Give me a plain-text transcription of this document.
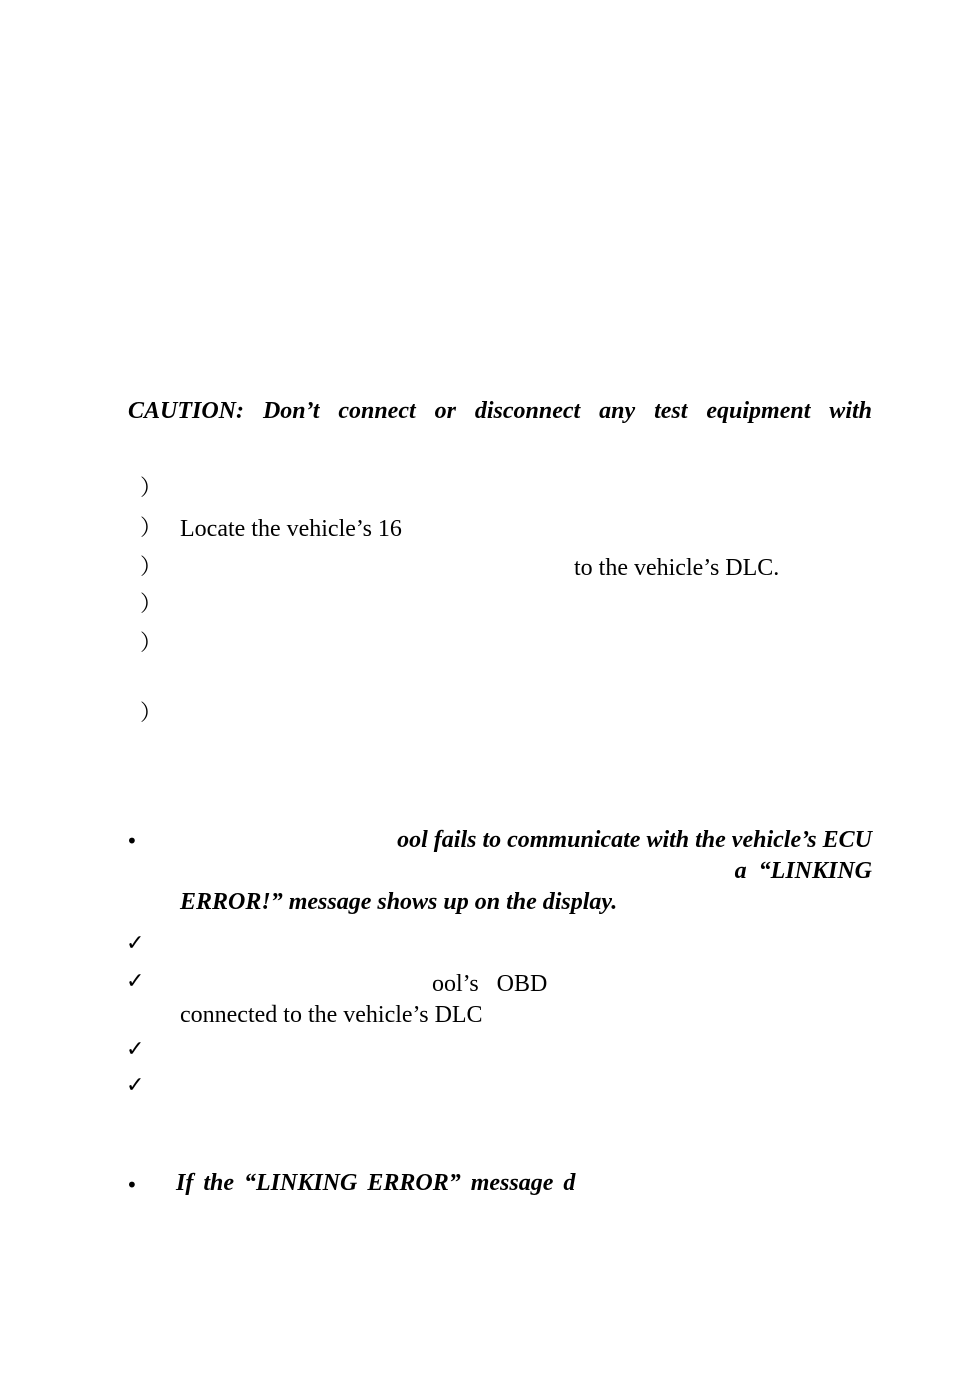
CAUTION: Don’t connect or disconnect any test equipment with
）
） Locate the vehicle’s 16
）	to the vehicle’s DLC.
）
）
）
•	ool fails to communicate with the vehicle’s ECU
a “LINKING
ERROR!” message shows up on the display.
✓
✓	ool’s   OBD
connected to the vehicle’s DLC
✓
✓
• If the “LINKING ERROR” message d
